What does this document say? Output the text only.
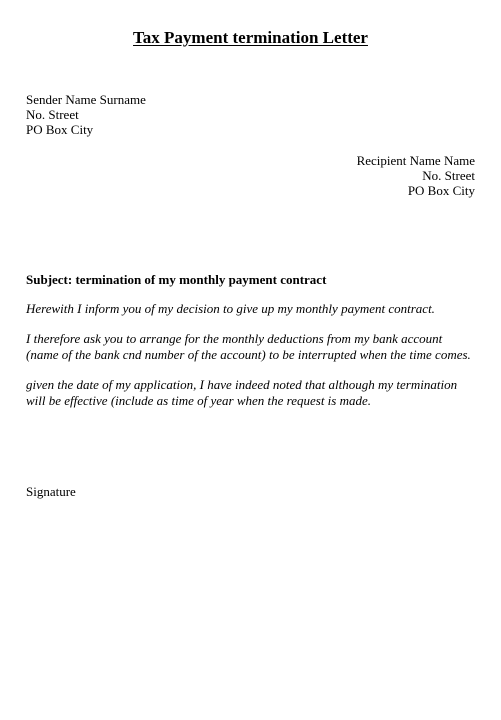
Tax Payment termination Letter
Sender Name Surname
No. Street
PO Box City
Recipient Name Name
No. Street
PO Box City
Subject: termination of my monthly payment contract
Herewith I inform you of my decision to give up my monthly payment contract.
I therefore ask you to arrange for the monthly deductions from my bank account
(name of the bank cnd number of the account) to be interrupted when the time comes.
given the date of my application, I have indeed noted that although my termination
will be effective (include as time of year when the request is made.
Signature
